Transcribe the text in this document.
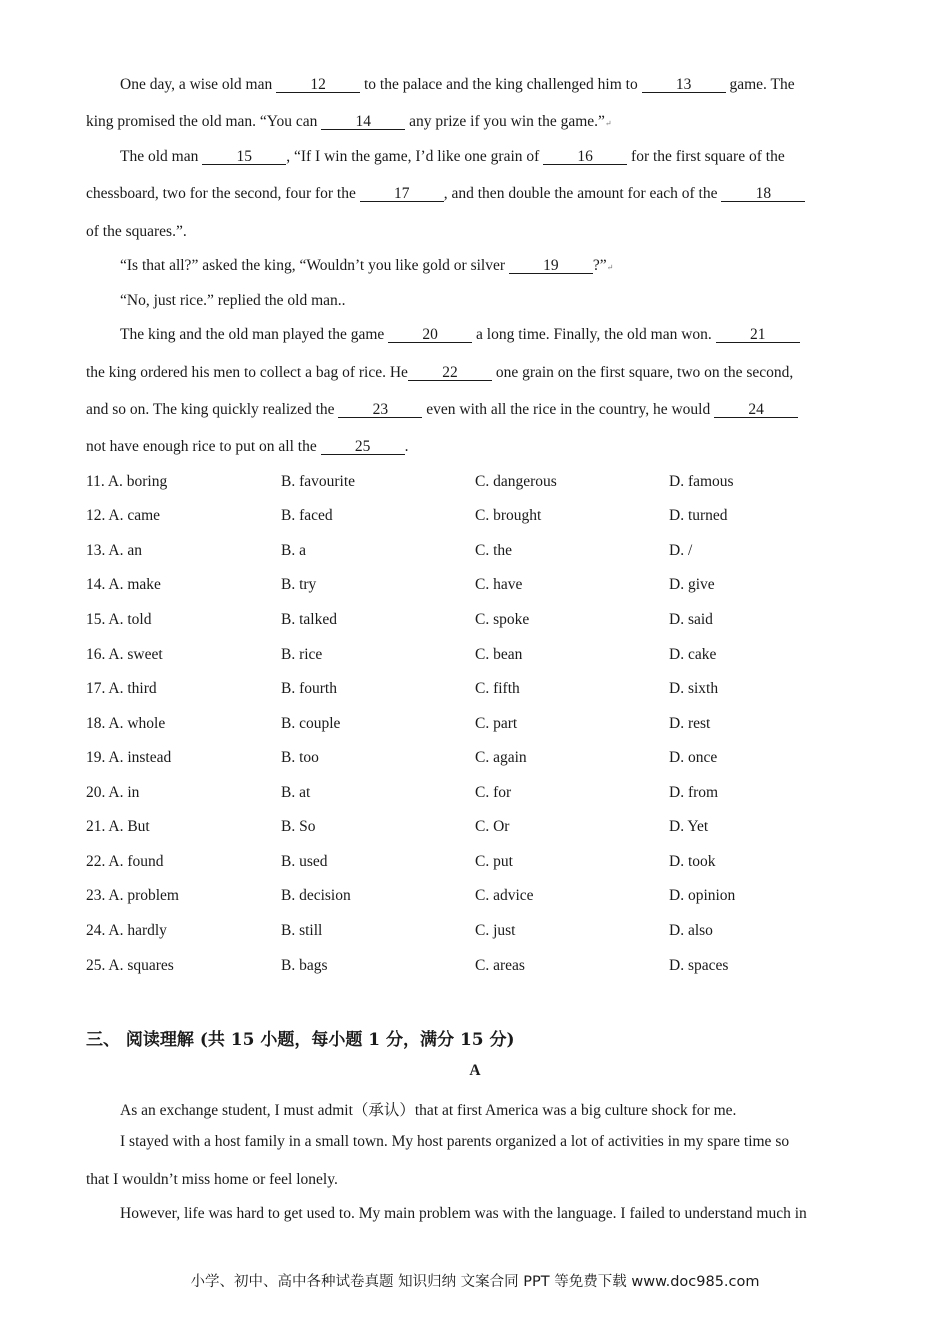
One day, a wise old man 12 to the palace and the king challenged him to 13 game. The
king promised the old man. “You can 14 any prize if you win the game.”↵
The old man 15 , “If I win the game, I’d like one grain of 16 for the first square of the
chessboard, two for the second, four for the 17 , and then double the amount for each of the 18
of the squares.”.
“Is that all?” asked the king, “Wouldn’t you like gold or silver 19 ?”↵
“No, just rice.” replied the old man..
The king and the old man played the game 20 a long time. Finally, the old man won. 21
the king ordered his men to collect a bag of rice. He 22 one grain on the first square, two on the second,
and so on. The king quickly realized the 23 even with all the rice in the country, he would 24
not have enough rice to put on all the 25 .
11. A. boring	B. favourite	C. dangerous	D. famous
12. A. came	B. faced	C. brought	D. turned
13. A. an	B. a	C. the	D. /
14. A. make	B. try	C. have	D. give
15. A. told	B. talked	C. spoke	D. said
16. A. sweet	B. rice	C. bean	D. cake
17. A. third	B. fourth	C. fifth	D. sixth
18. A. whole	B. couple	C. part	D. rest
19. A. instead	B. too	C. again	D. once
20. A. in	B. at	C. for	D. from
21. A. But	B. So	C. Or	D. Yet
22. A. found	B. used	C. put	D. took
23. A. problem	B. decision	C. advice	D. opinion
24. A. hardly	B. still	C. just	D. also
25. A. squares	B. bags	C. areas	D. spaces
三、 阅读理解 (共 15 小题，每小题 1 分，满分 15 分)
A
As an exchange student, I must admit（承认）that at first America was a big culture shock for me.
I stayed with a host family in a small town. My host parents organized a lot of activities in my spare time so
that I wouldn’t miss home or feel lonely.
However, life was hard to get used to. My main problem was with the language. I failed to understand much in
小学、初中、高中各种试卷真题 知识归纳 文案合同 PPT 等免费下载 www.doc985.com
